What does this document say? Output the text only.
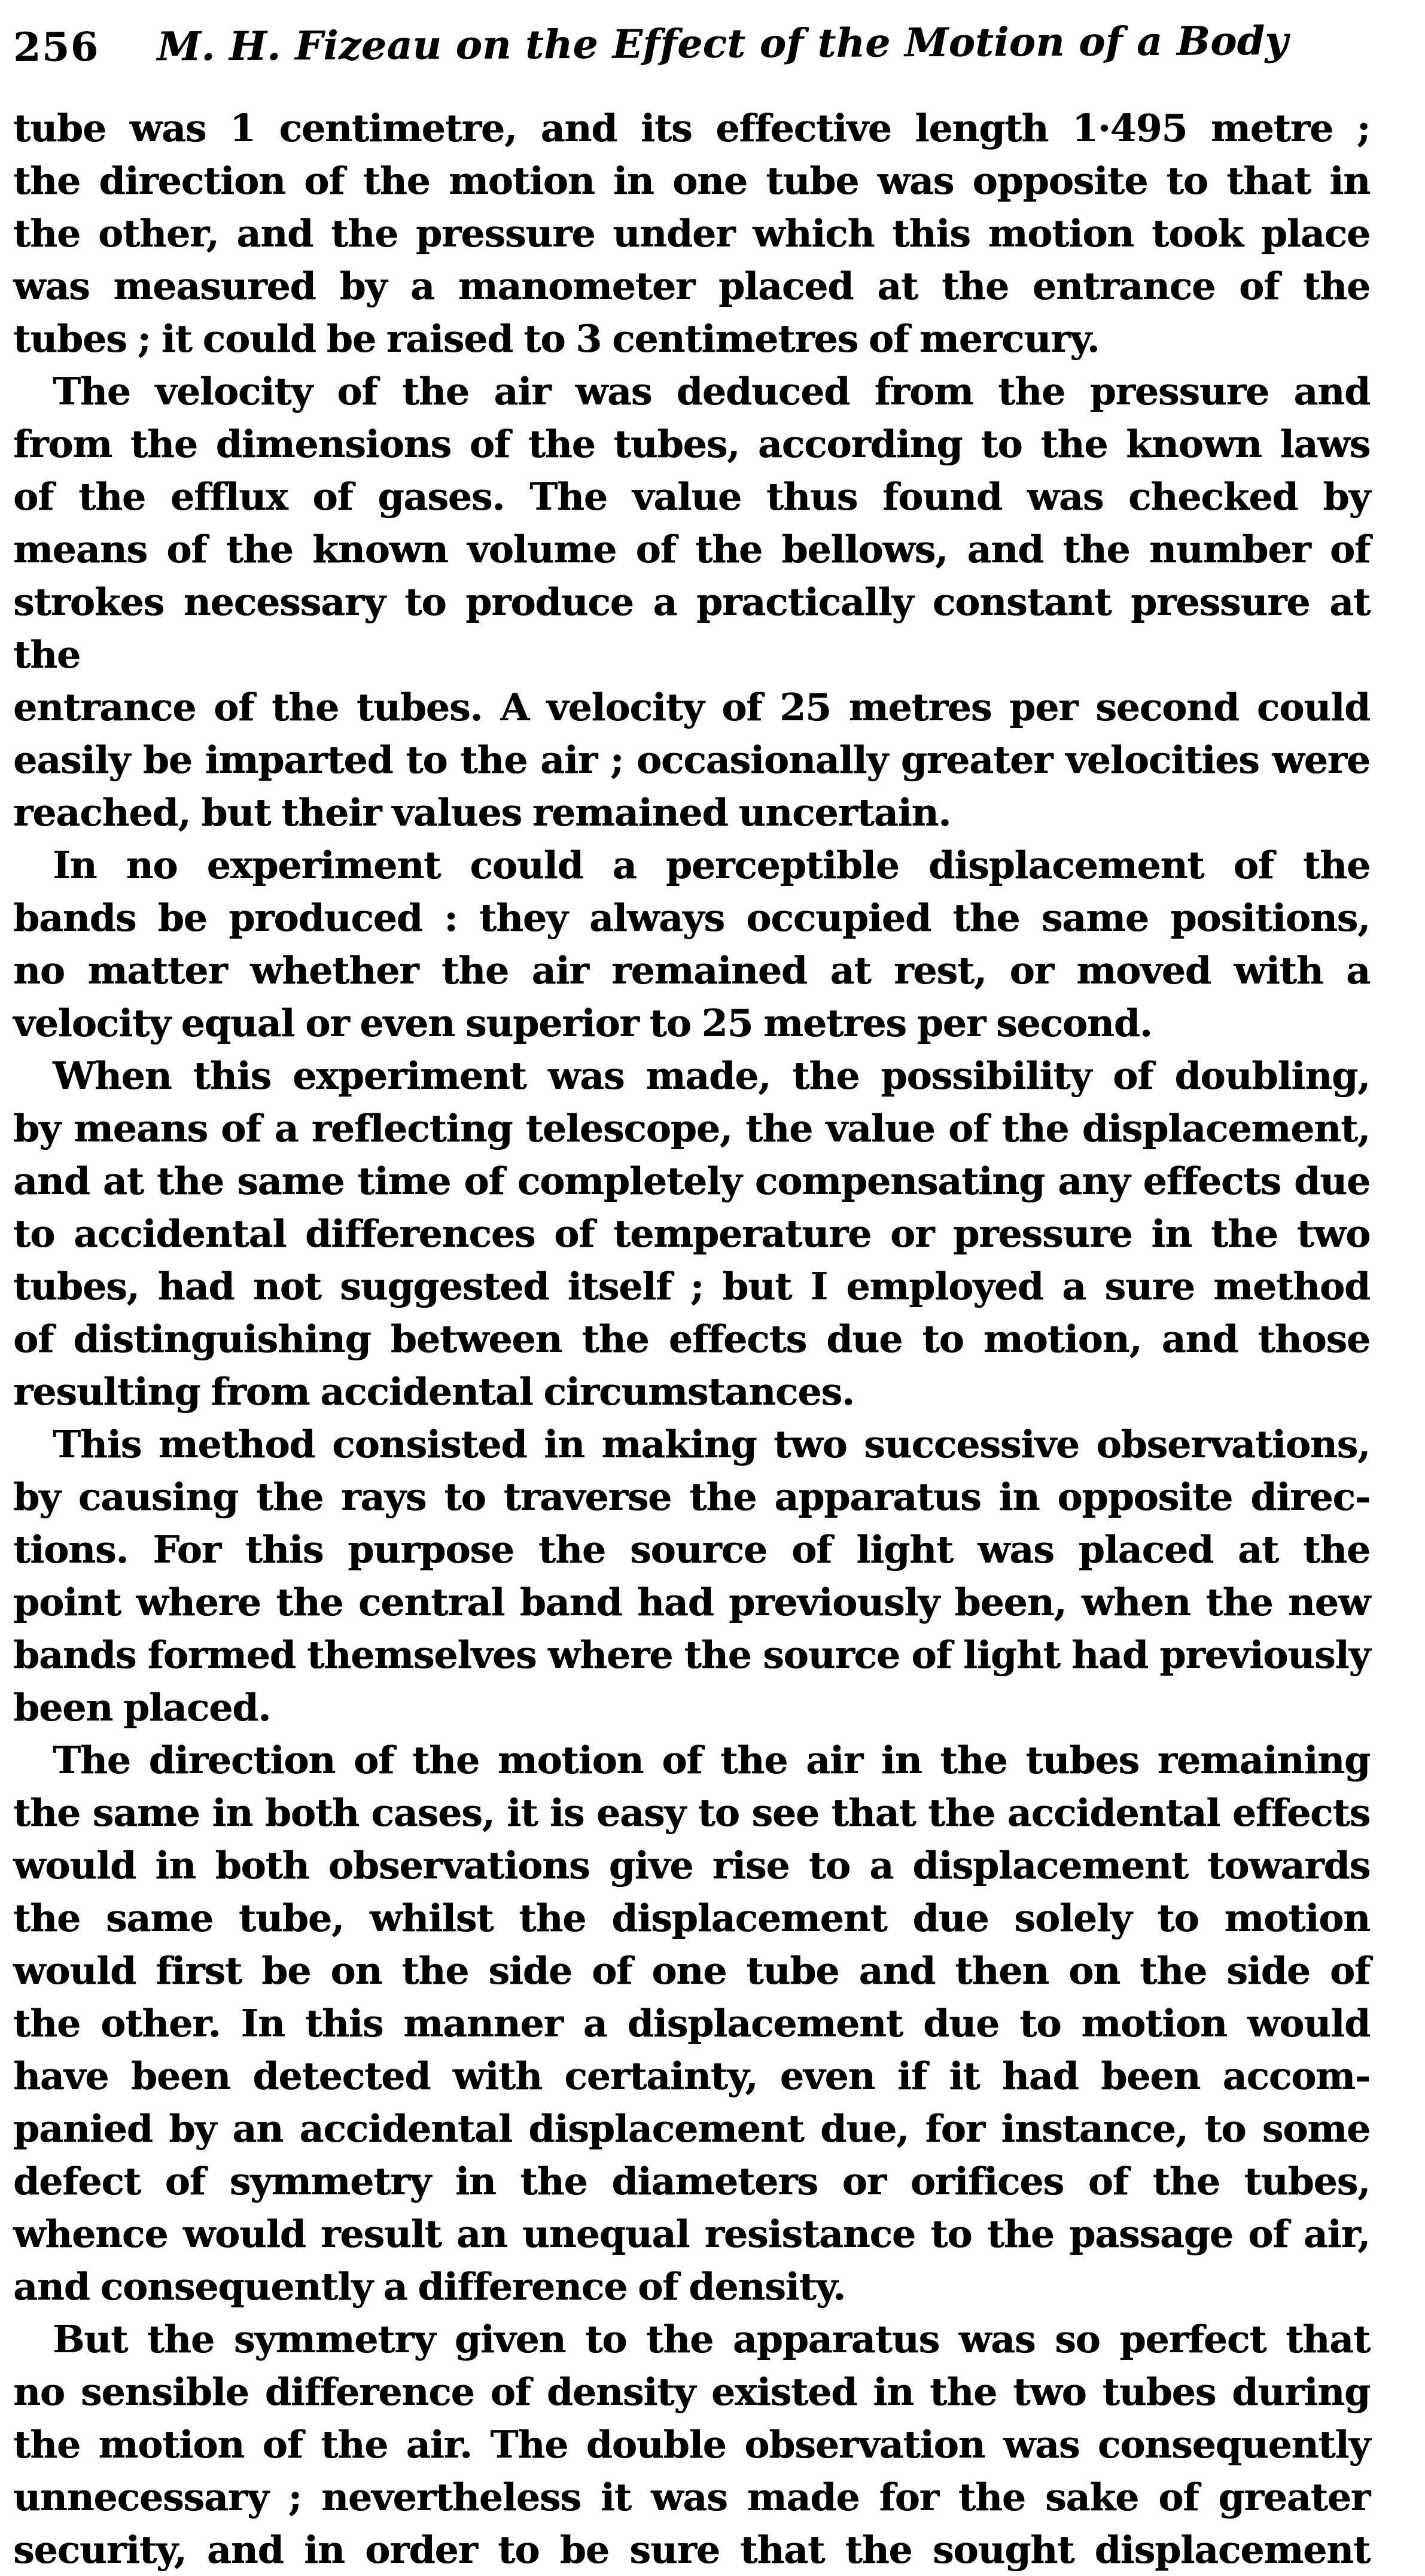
256	M. H. Fizeau on the Effect of the Motion of a Body

tube was 1 centimetre, and its effective length 1·495 metre ;
the direction of the motion in one tube was opposite to that in
the other, and the pressure under which this motion took place
was measured by a manometer placed at the entrance of the
tubes ; it could be raised to 3 centimetres of mercury.

The velocity of the air was deduced from the pressure and
from the dimensions of the tubes, according to the known laws
of the efflux of gases. The value thus found was checked by
means of the known volume of the bellows, and the number of
strokes necessary to produce a practically constant pressure at the
entrance of the tubes. A velocity of 25 metres per second could
easily be imparted to the air ; occasionally greater velocities were
reached, but their values remained uncertain.

In no experiment could a perceptible displacement of the
bands be produced : they always occupied the same positions,
no matter whether the air remained at rest, or moved with a
velocity equal or even superior to 25 metres per second.

When this experiment was made, the possibility of doubling,
by means of a reflecting telescope, the value of the displacement,
and at the same time of completely compensating any effects due
to accidental differences of temperature or pressure in the two
tubes, had not suggested itself ; but I employed a sure method
of distinguishing between the effects due to motion, and those
resulting from accidental circumstances.

This method consisted in making two successive observations,
by causing the rays to traverse the apparatus in opposite direc-
tions. For this purpose the source of light was placed at the
point where the central band had previously been, when the new
bands formed themselves where the source of light had previously
been placed.

The direction of the motion of the air in the tubes remaining
the same in both cases, it is easy to see that the accidental effects
would in both observations give rise to a displacement towards
the same tube, whilst the displacement due solely to motion
would first be on the side of one tube and then on the side of
the other. In this manner a displacement due to motion would
have been detected with certainty, even if it had been accom-
panied by an accidental displacement due, for instance, to some
defect of symmetry in the diameters or orifices of the tubes,
whence would result an unequal resistance to the passage of air,
and consequently a difference of density.

But the symmetry given to the apparatus was so perfect that
no sensible difference of density existed in the two tubes during
the motion of the air. The double observation was consequently
unnecessary ; nevertheless it was made for the sake of greater
security, and in order to be sure that the sought displacement
